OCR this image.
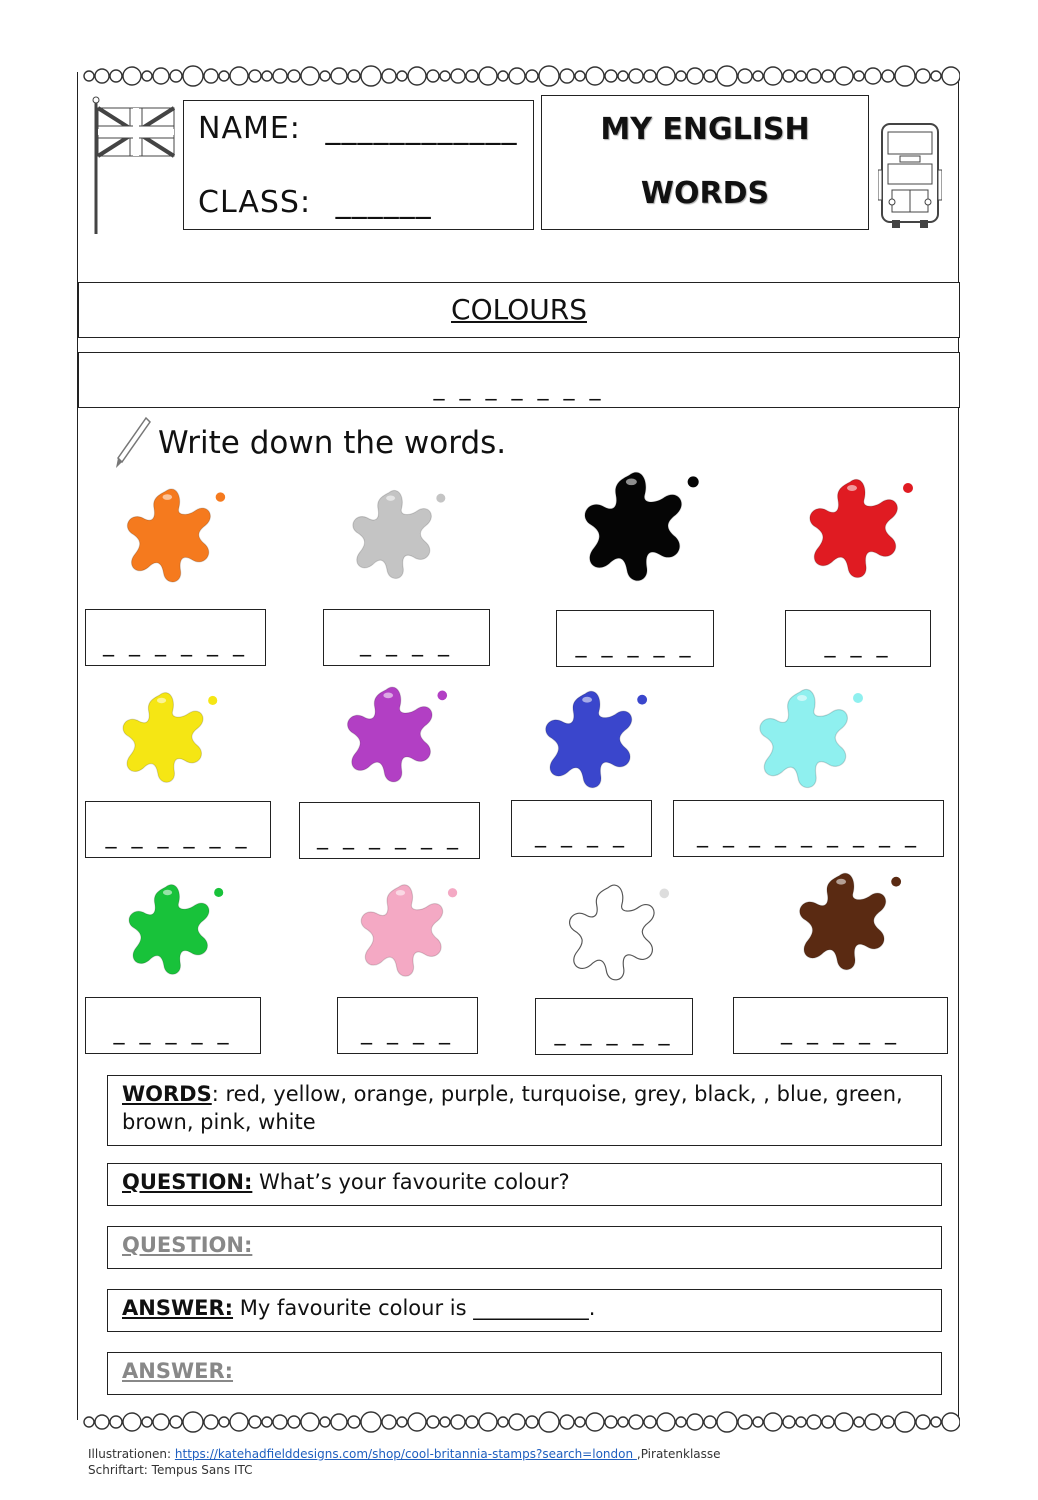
NAME: ____________
CLASS: ______
MY ENGLISH
WORDS
COLOURS
_ _ _ _ _ _ _
Write down the words.
_ _ _ _ _ _	_ _ _ _	_ _ _ _ _	_ _ _
_ _ _ _ _ _	_ _ _ _ _ _	_ _ _ _	_ _ _ _ _ _ _ _ _
_ _ _ _ _	_ _ _ _	_ _ _ _ _	_ _ _ _ _
WORDS: red, yellow, orange, purple, turquoise, grey, black, , blue, green, brown, pink, white
QUESTION: What’s your favourite colour?
QUESTION:
ANSWER: My favourite colour is ___________.
ANSWER:
Illustrationen: https://katehadfielddesigns.com/shop/cool-britannia-stamps?search=london ,Piratenklasse
Schriftart: Tempus Sans ITC
